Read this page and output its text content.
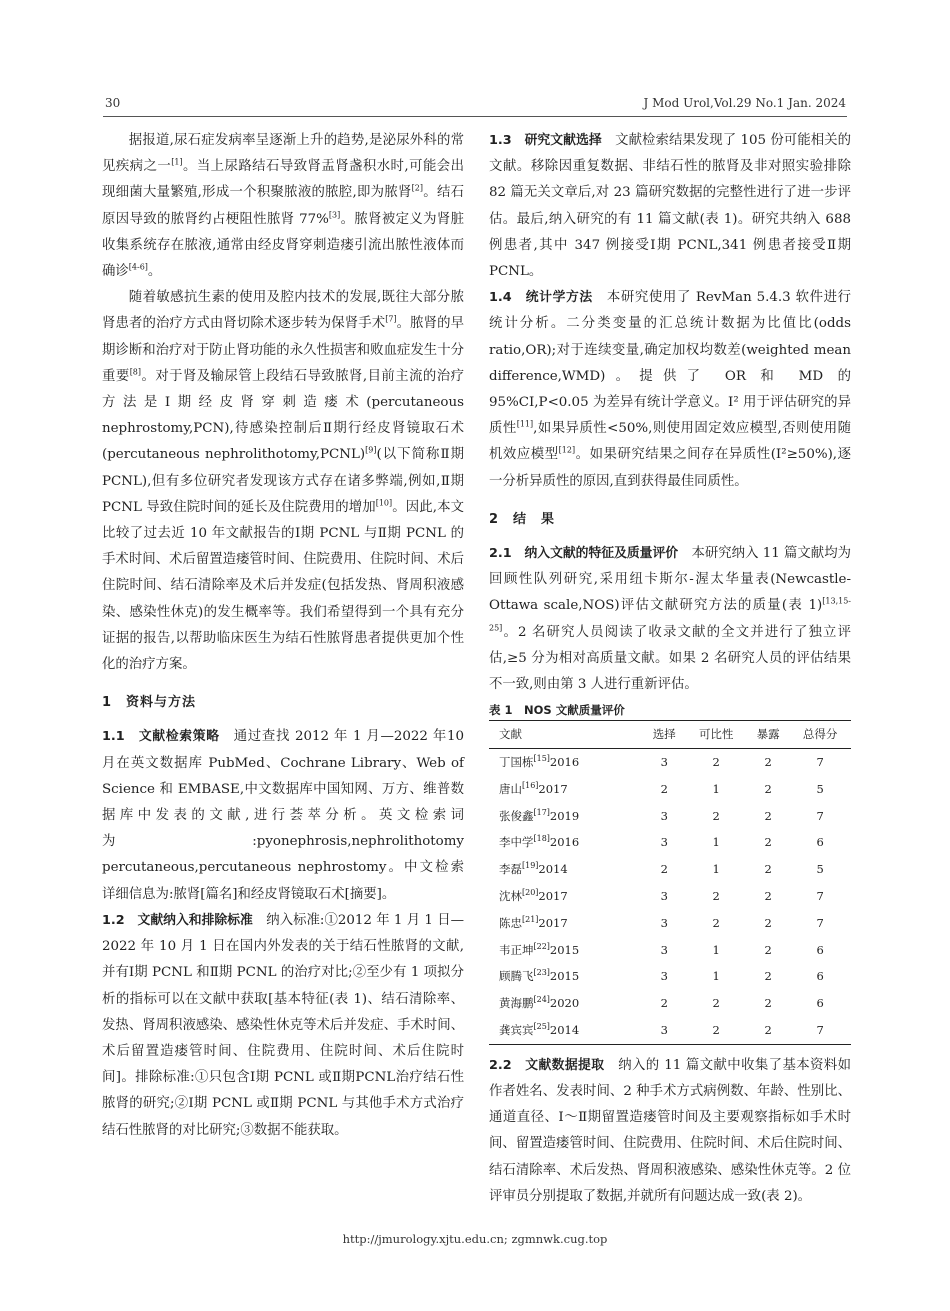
30	J Mod Urol,Vol.29 No.1 Jan. 2024

据报道,尿石症发病率呈逐渐上升的趋势,是泌尿外科的常见疾病之一[1]。当上尿路结石导致肾盂肾盏积水时,可能会出现细菌大量繁殖,形成一个积聚脓液的脓腔,即为脓肾[2]。结石原因导致的脓肾约占梗阻性脓肾 77%[3]。脓肾被定义为肾脏收集系统存在脓液,通常由经皮肾穿刺造瘘引流出脓性液体而确诊[4-6]。

随着敏感抗生素的使用及腔内技术的发展,既往大部分脓肾患者的治疗方式由肾切除术逐步转为保肾手术[7]。脓肾的早期诊断和治疗对于防止肾功能的永久性损害和败血症发生十分重要[8]。对于肾及输尿管上段结石导致脓肾,目前主流的治疗方法是Ⅰ期经皮肾穿刺造瘘术(percutaneous nephrostomy,PCN),待感染控制后Ⅱ期行经皮肾镜取石术(percutaneous nephrolithotomy,PCNL)[9](以下简称Ⅱ期 PCNL),但有多位研究者发现该方式存在诸多弊端,例如,Ⅱ期 PCNL 导致住院时间的延长及住院费用的增加[10]。因此,本文比较了过去近 10 年文献报告的Ⅰ期 PCNL 与Ⅱ期 PCNL 的手术时间、术后留置造瘘管时间、住院费用、住院时间、术后住院时间、结石清除率及术后并发症(包括发热、肾周积液感染、感染性休克)的发生概率等。我们希望得到一个具有充分证据的报告,以帮助临床医生为结石性脓肾患者提供更加个性化的治疗方案。

1　资料与方法

1.1　文献检索策略　通过查找 2012 年 1 月—2022 年10 月在英文数据库 PubMed、Cochrane Library、Web of Science 和 EMBASE,中文数据库中国知网、万方、维普数据库中发表的文献,进行荟萃分析。英文检索词为:pyonephrosis,nephrolithotomy percutaneous,percutaneous nephrostomy。中文检索详细信息为:脓肾[篇名]和经皮肾镜取石术[摘要]。

1.2　文献纳入和排除标准　纳入标准:①2012 年 1 月 1 日—2022 年 10 月 1 日在国内外发表的关于结石性脓肾的文献,并有Ⅰ期 PCNL 和Ⅱ期 PCNL 的治疗对比;②至少有 1 项拟分析的指标可以在文献中获取[基本特征(表 1)、结石清除率、发热、肾周积液感染、感染性休克等术后并发症、手术时间、术后留置造瘘管时间、住院费用、住院时间、术后住院时间]。排除标准:①只包含Ⅰ期 PCNL 或Ⅱ期PCNL治疗结石性脓肾的研究;②Ⅰ期 PCNL 或Ⅱ期 PCNL 与其他手术方式治疗结石性脓肾的对比研究;③数据不能获取。

1.3　研究文献选择　文献检索结果发现了 105 份可能相关的文献。移除因重复数据、非结石性的脓肾及非对照实验排除 82 篇无关文章后,对 23 篇研究数据的完整性进行了进一步评估。最后,纳入研究的有 11 篇文献(表 1)。研究共纳入 688 例患者,其中 347 例接受Ⅰ期 PCNL,341 例患者接受Ⅱ期 PCNL。

1.4　统计学方法　本研究使用了 RevMan 5.4.3 软件进行统计分析。二分类变量的汇总统计数据为比值比(odds ratio,OR);对于连续变量,确定加权均数差(weighted mean difference,WMD)。提供了 OR 和 MD 的 95%CI,P<0.05 为差异有统计学意义。I² 用于评估研究的异质性[11],如果异质性<50%,则使用固定效应模型,否则使用随机效应模型[12]。如果研究结果之间存在异质性(I²≥50%),逐一分析异质性的原因,直到获得最佳同质性。

2　结　果

2.1　纳入文献的特征及质量评价　本研究纳入 11 篇文献均为回顾性队列研究,采用纽卡斯尔-渥太华量表(Newcastle-Ottawa scale,NOS)评估文献研究方法的质量(表 1)[13,15-25]。2 名研究人员阅读了收录文献的全文并进行了独立评估,≥5 分为相对高质量文献。如果 2 名研究人员的评估结果不一致,则由第 3 人进行重新评估。

表 1　NOS 文献质量评价
文献	选择	可比性	暴露	总得分
丁国栋[15]2016	3	2	2	7
唐山[16]2017	2	1	2	5
张俊鑫[17]2019	3	2	2	7
李中学[18]2016	3	1	2	6
李磊[19]2014	2	1	2	5
沈林[20]2017	3	2	2	7
陈忠[21]2017	3	2	2	7
韦正坤[22]2015	3	1	2	6
顾腾飞[23]2015	3	1	2	6
黄海鹏[24]2020	2	2	2	6
龚宾宾[25]2014	3	2	2	7

2.2　文献数据提取　纳入的 11 篇文献中收集了基本资料如作者姓名、发表时间、2 种手术方式病例数、年龄、性别比、通道直径、Ⅰ～Ⅱ期留置造瘘管时间及主要观察指标如手术时间、留置造瘘管时间、住院费用、住院时间、术后住院时间、结石清除率、术后发热、肾周积液感染、感染性休克等。2 位评审员分别提取了数据,并就所有问题达成一致(表 2)。

http://jmurology.xjtu.edu.cn; zgmnwk.cug.top
